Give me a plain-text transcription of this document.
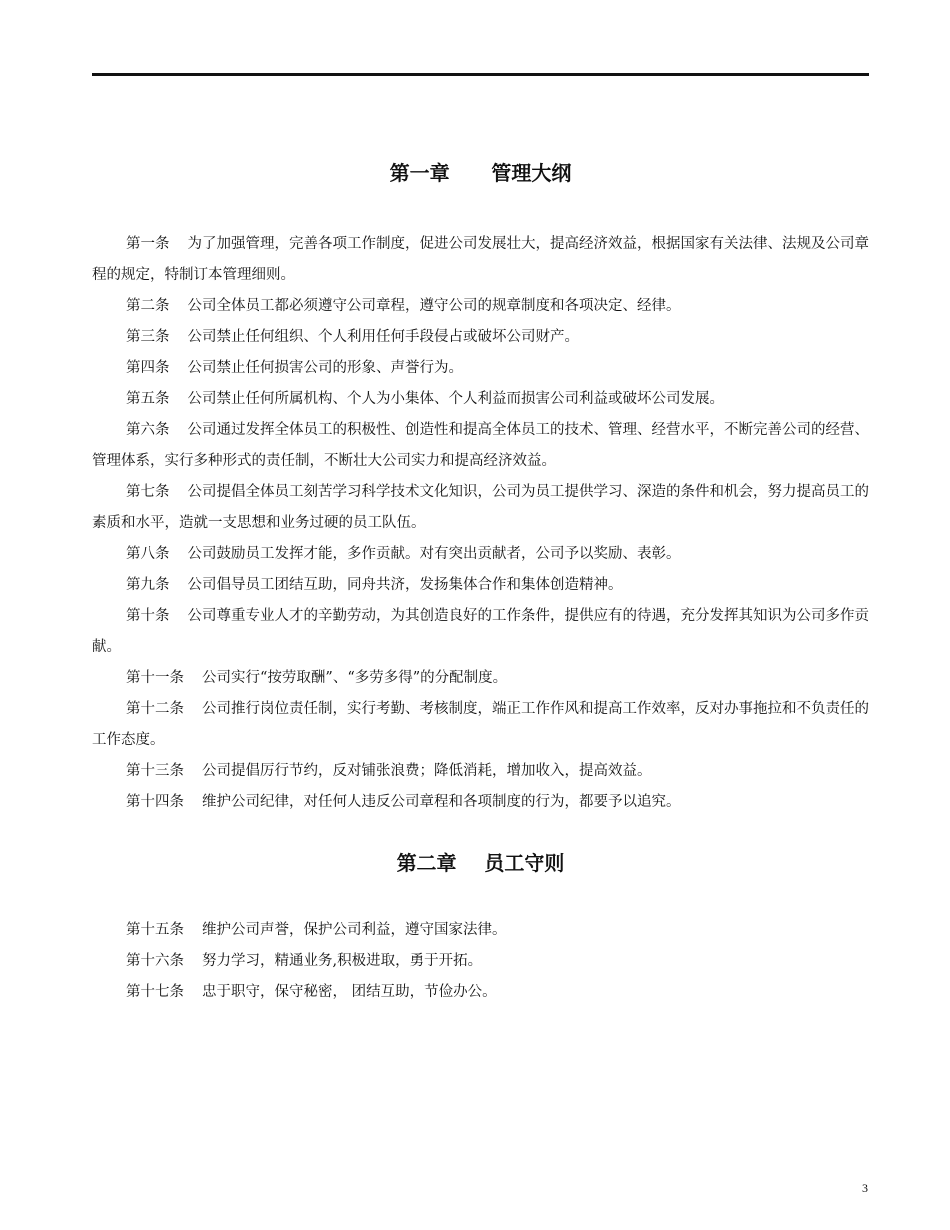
第一章      管理大纲

第一条 为了加强管理，完善各项工作制度，促进公司发展壮大，提高经济效益，根据国家有关法律、法规及公司章程的规定，特制订本管理细则。

第二条 公司全体员工都必须遵守公司章程，遵守公司的规章制度和各项决定、经律。

第三条 公司禁止任何组织、个人利用任何手段侵占或破坏公司财产。

第四条 公司禁止任何损害公司的形象、声誉行为。

第五条 公司禁止任何所属机构、个人为小集体、个人利益而损害公司利益或破坏公司发展。

第六条 公司通过发挥全体员工的积极性、创造性和提高全体员工的技术、管理、经营水平，不断完善公司的经营、管理体系，实行多种形式的责任制，不断壮大公司实力和提高经济效益。

第七条 公司提倡全体员工刻苦学习科学技术文化知识，公司为员工提供学习、深造的条件和机会，努力提高员工的素质和水平，造就一支思想和业务过硬的员工队伍。

第八条 公司鼓励员工发挥才能，多作贡献。对有突出贡献者，公司予以奖励、表彰。

第九条 公司倡导员工团结互助，同舟共济，发扬集体合作和集体创造精神。

第十条 公司尊重专业人才的辛勤劳动，为其创造良好的工作条件，提供应有的待遇，充分发挥其知识为公司多作贡献。

第十一条 公司实行“按劳取酬”、“多劳多得”的分配制度。

第十二条 公司推行岗位责任制，实行考勤、考核制度，端正工作作风和提高工作效率，反对办事拖拉和不负责任的工作态度。

第十三条 公司提倡厉行节约，反对铺张浪费；降低消耗，增加收入，提高效益。

第十四条 维护公司纪律，对任何人违反公司章程和各项制度的行为，都要予以追究。

第二章    员工守则

第十五条 维护公司声誉，保护公司利益，遵守国家法律。

第十六条 努力学习，精通业务,积极进取，勇于开拓。

第十七条 忠于职守，保守秘密， 团结互助，节俭办公。

3
